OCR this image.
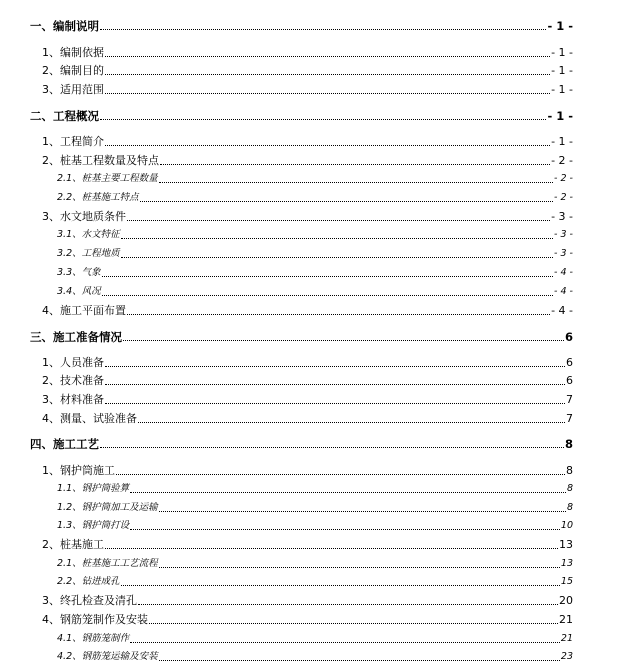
一、编制说明	- 1 -
1、编制依据	- 1 -
2、编制目的	- 1 -
3、适用范围	- 1 -
二、工程概况	- 1 -
1、工程简介	- 1 -
2、桩基工程数量及特点	- 2 -
2.1、桩基主要工程数量	- 2 -
2.2、桩基施工特点	- 2 -
3、水文地质条件	- 3 -
3.1、水文特征	- 3 -
3.2、工程地质	- 3 -
3.3、气象	- 4 -
3.4、风况	- 4 -
4、施工平面布置	- 4 -
三、施工准备情况	6
1、人员准备	6
2、技术准备	6
3、材料准备	7
4、测量、试验准备	7
四、施工工艺	8
1、钢护筒施工	8
1.1、钢护筒验算	8
1.2、钢护筒加工及运输	8
1.3、钢护筒打设	10
2、桩基施工	13
2.1、桩基施工工艺流程	13
2.2、钻进成孔	15
3、终孔检查及清孔	20
4、钢筋笼制作及安装	21
4.1、钢筋笼制作	21
4.2、钢筋笼运输及安装	23
